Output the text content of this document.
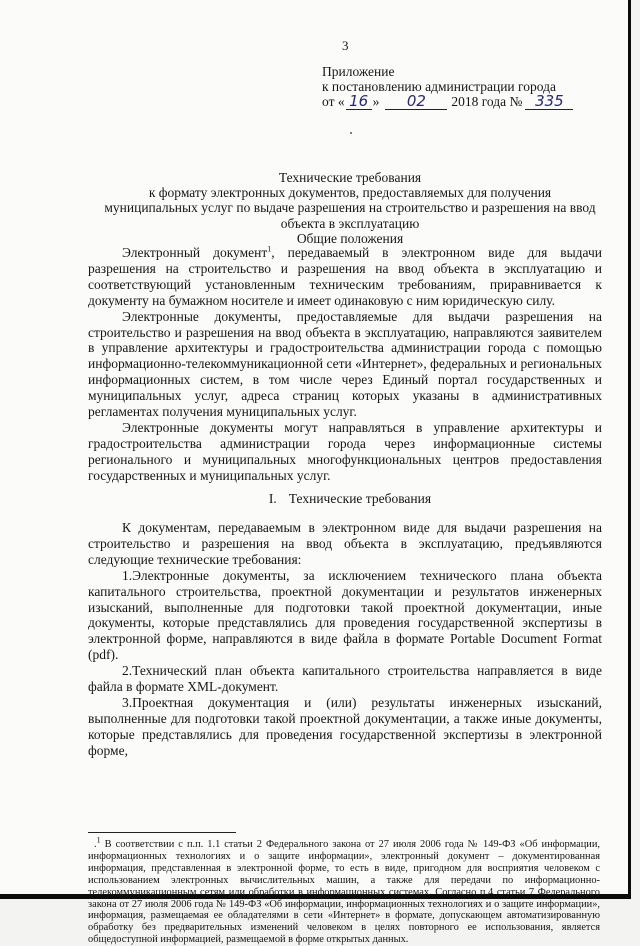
3
Приложение
к постановлению администрации города
от « 16 » 02 2018 года № 335
Технические требования
к формату электронных документов, предоставляемых для получения муниципальных услуг по выдаче разрешения на строительство и разрешения на ввод объекта в эксплуатацию
Общие положения

Электронный документ$^1$, передаваемый в электронном виде для выдачи разрешения на строительство и разрешения на ввод объекта в эксплуатацию и соответствующий установленным техническим требованиям, приравнивается к документу на бумажном носителе и имеет одинаковую с ним юридическую силу.

Электронные документы, предоставляемые для выдачи разрешения на строительство и разрешения на ввод объекта в эксплуатацию, направляются заявителем в управление архитектуры и градостроительства администрации города с помощью информационно-телекоммуникационной сети «Интернет», федеральных и региональных информационных систем, в том числе через Единый портал государственных и муниципальных услуг, адреса страниц которых указаны в административных регламентах получения муниципальных услуг.

Электронные документы могут направляться в управление архитектуры и градостроительства администрации города через информационные системы регионального и муниципальных многофункциональных центров предоставления государственных и муниципальных услуг.

I. Технические требования

К документам, передаваемым в электронном виде для выдачи разрешения на строительство и разрешения на ввод объекта в эксплуатацию, предъявляются следующие технические требования:

1.Электронные документы, за исключением технического плана объекта капитального строительства, проектной документации и результатов инженерных изысканий, выполненные для подготовки такой проектной документации, иные документы, которые представлялись для проведения государственной экспертизы в электронной форме, направляются в виде файла в формате Portable Document Format (pdf).

2.Технический план объекта капитального строительства направляется в виде файла в формате XML-документ.

3.Проектная документация и (или) результаты инженерных изысканий, выполненные для подготовки такой проектной документации, а также иные документы, которые представлялись для проведения государственной экспертизы в электронной форме,

.$^1$ В соответствии с п.п. 1.1 статьи 2 Федерального закона от 27 июля 2006 года № 149-ФЗ «Об информации, информационных технологиях и о защите информации», электронный документ – документированная информация, представленная в электронной форме, то есть в виде, пригодном для восприятия человеком с использованием электронных вычислительных машин, а также для передачи по информационно-телекоммуникационным сетям или обработки в информационных системах. Согласно п.4 статьи 7 Федерального закона от 27 июля 2006 года № 149-ФЗ «Об информации, информационных технологиях и о защите информации», информация, размещаемая ее обладателями в сети «Интернет» в формате, допускающем автоматизированную обработку без предварительных изменений человеком в целях повторного ее использования, является общедоступной информацией, размещаемой в форме открытых данных.
